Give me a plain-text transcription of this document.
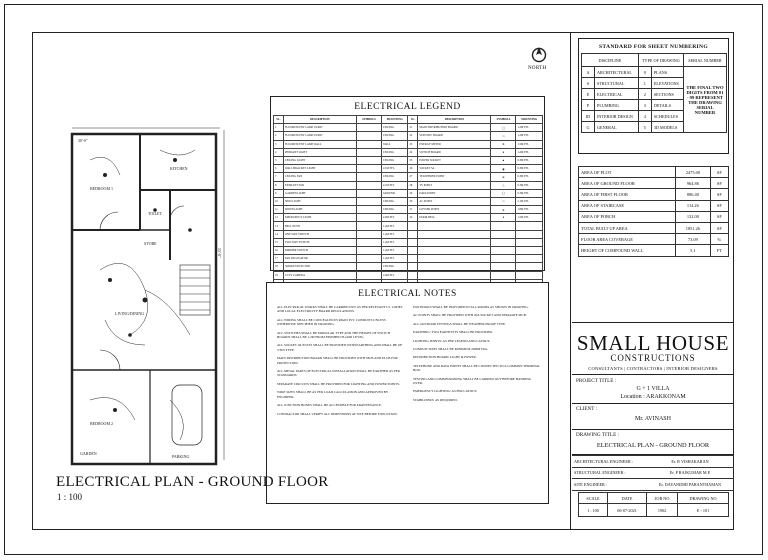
30'-0"
BEDROOM 1
KITCHEN
TOILET
STORE
LIVING/DINING
BEDROOM 2
GARDEN
PARKING
55'-0"
NORTH
ELECTRICAL LEGEND
SL.	DESCRIPTION	SYMBOLS	MOUNTING	SL.	DESCRIPTION	SYMBOLS	MOUNTING
1	FLUORESCENT LAMP 1X36W		CEILING	21	MAIN DISTRIBUTION BOARD	◯	1.2M FFL
2	FLUORESCENT LAMP 2X36W		CEILING	22	SUB DIST. BOARD	▭	1.2M FFL
3	FLUORESCENT LAMP WALL		WALL	23	ENERGY METER	⊗	1.5M FFL
4	PENDANT LIGHT		CEILING	24	SWITCH BOARD	●	1.2M FFL
5	CEILING LIGHT		CEILING	25	POWER SOCKET	▲	0.3M FFL
6	WALL BRACKET LIGHT		2.1M FFL	26	SOCKET 5A	◉	0.3M FFL
7	CEILING FAN		CEILING	27	TELEPHONE POINT	⊕	0.3M FFL
8	EXHAUST FAN		2.1M FFL	28	TV POINT	△	0.3M FFL
9	GARDEN LIGHT		GROUND	29	DATA POINT	◯	0.3M FFL
10	SPOT LIGHT		CEILING	30	AC POINT	▭	2.1M FFL
11	DOWN LIGHT		CEILING	31	GEYSER POINT	⊗	1.8M FFL
12	EMERGENCY LIGHT		2.4M FFL	32	DOOR BELL	●	1.5M FFL
13	BELL PUSH		1.2M FFL				
14	ONE WAY SWITCH		1.2M FFL				
15	TWO WAY SWITCH		1.2M FFL				
16	DIMMER SWITCH		1.2M FFL				
17	FAN REGULATOR		1.2M FFL				
18	SMOKE DETECTOR		CEILING				
19	CCTV CAMERA		2.4M FFL				

ELECTRICAL NOTES

ALL ELECTRICAL WORKS SHALL BE CARRIED OUT AS PER RELEVANT I.S. CODES AND LOCAL ELECTRICITY BOARD REGULATIONS.

ALL WIRING SHALL BE CONCEALED IN RIGID PVC CONDUITS UNLESS OTHERWISE SPECIFIED IN DRAWING.

ALL SWITCHES SHALL BE MODULAR TYPE AND THE HEIGHT OF SWITCH BOARDS SHALL BE 1.2M FROM FINISHED FLOOR LEVEL.

ALL SOCKET OUTLETS SHALL BE PROVIDED WITH EARTHING AND SHALL BE OF 3 PIN TYPE.

MAIN DISTRIBUTION BOARD SHALL BE PROVIDED WITH MCB AND ELCB FOR PROTECTION.

ALL METAL PARTS OF ELECTRICAL INSTALLATION SHALL BE EARTHED AS PER STANDARDS.

SEPARATE CIRCUITS SHALL BE PROVIDED FOR LIGHTING AND POWER POINTS.

WIRE SIZES SHALL BE AS PER LOAD CALCULATION AND APPROVED BY ENGINEER.

ALL JUNCTION BOXES SHALL BE ACCESSIBLE FOR MAINTENANCE.

CONTRACTOR SHALL VERIFY ALL DIMENSIONS AT SITE BEFORE EXECUTION.

FAN HOOKS SHALL BE PROVIDED IN ALL ROOMS AS SHOWN IN DRAWING.

AC POINTS SHALL BE PROVIDED WITH 20A SOCKET AND SEPARATE MCB.

ALL OUTDOOR FITTINGS SHALL BE WEATHER PROOF TYPE.

EARTHING: TWO EARTH PITS SHALL BE PROVIDED.

LIGHTING POINTS: AS PER LEGEND AND LAYOUT.

CONDUIT SIZES SHALL BE MINIMUM 20MM DIA.

DISTRIBUTION BOARD: LIGHT & POWER.

TELEPHONE AND DATA POINTS SHALL BE CONNECTED TO A COMMON TERMINAL BOX.

TESTING AND COMMISSIONING SHALL BE CARRIED OUT BEFORE HANDING OVER.

EMERGENCY LIGHTING: AS PER LAYOUT.

STABILIZERS: AS REQUIRED.

ELECTRICAL PLAN - GROUND FLOOR
1 : 100
STANDARD FOR SHEET NUMBERING
DISCIPLINE		TYPE OF DRAWING		SERIAL NUMBER
A	ARCHITECTURAL	0	PLANS	THE FINAL TWO DIGITS FROM 01 - 99 REPRESENT THE DRAWING SERIAL NUMBER
S	STRUCTURAL	1	ELEVATIONS	
E	ELECTRICAL	2	SECTIONS	
P	PLUMBING	3	DETAILS	
ID	INTERIOR DESIGN	4	SCHEDULES	
G	GENERAL	5	3D MODELS	
AREA OF PLOT	2475.00	SF
AREA OF GROUND FLOOR	964.86	SF
AREA OF FIRST FLOOR	886.40	SF
AREA OF STAIRCASE	114.26	SF
AREA OF PORCH	132.00	SF
TOTAL BUILT UP AREA	1851.26	SF
FLOOR AREA COVERAGE	73.09	%
HEIGHT OF COMPOUND WALL	5.1	FT
SMALL HOUSE
CONSTRUCTIONS
CONSULTANTS | CONTRACTORS | INTERIOR DESIGNERS
PROJECT TITLE :
G + 1 VILLA
Location : ARAKKONAM
CLIENT :
Mr. AVINASH
DRAWING TITLE :
ELECTRICAL PLAN - GROUND FLOOR
ARCHITECTURAL ENGINEER :	Er. R VISHAKARAN
STRUCTURAL ENGINEER :	Er. P RAJKUMAR M.E
SITE ENGINEER :	Er. DAYANIDHI PARANTHAMAN
SCALE	DATE	JOB NO	DRAWING NO
1 : 100	06-07-2021	1902	E - 101
